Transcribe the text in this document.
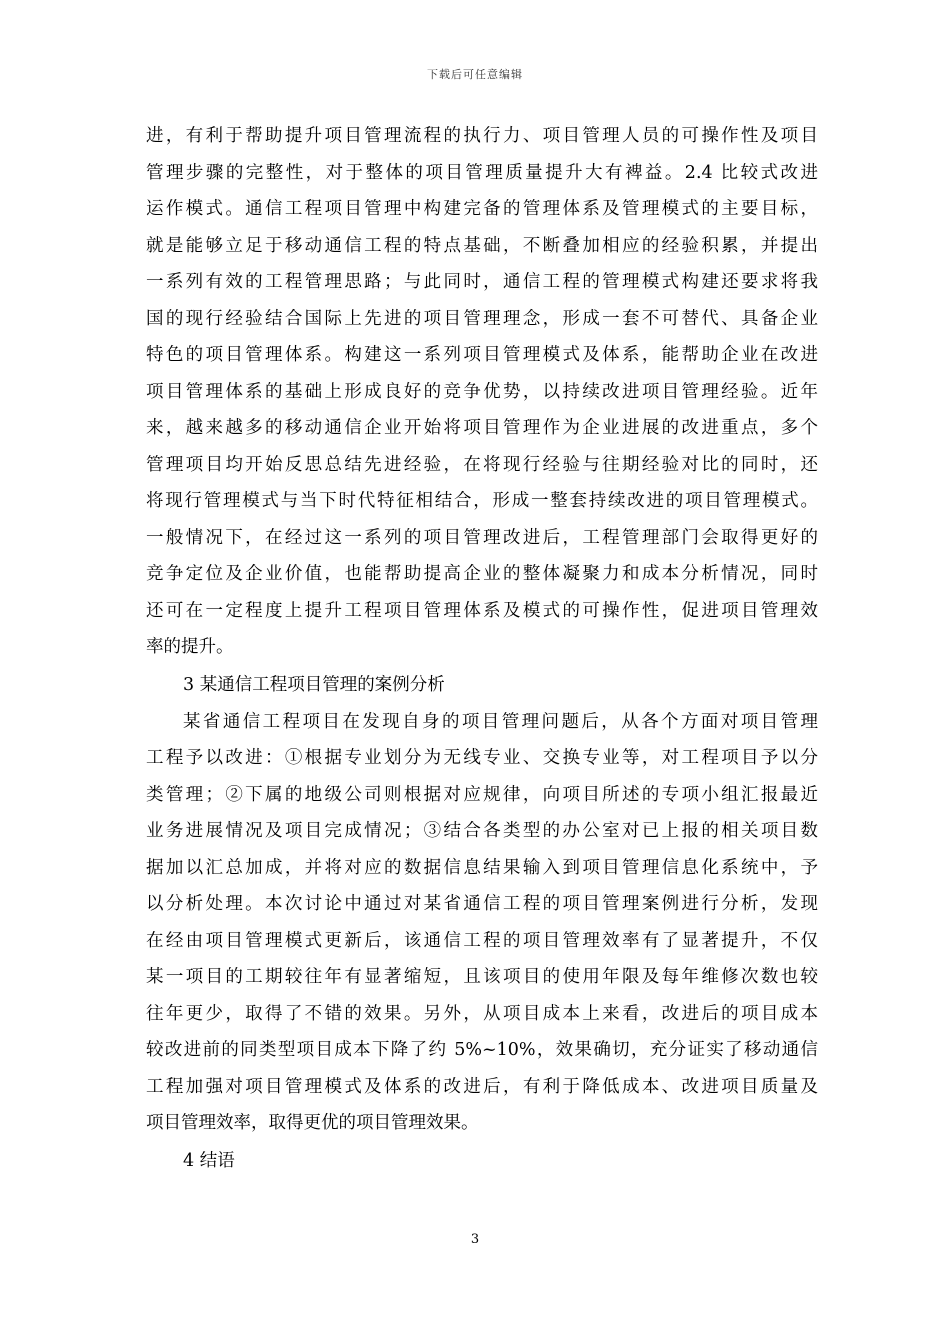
下载后可任意编辑
进，有利于帮助提升项目管理流程的执行力、项目管理人员的可操作性及项目
管理步骤的完整性，对于整体的项目管理质量提升大有裨益。2.4 比较式改进
运作模式。通信工程项目管理中构建完备的管理体系及管理模式的主要目标，
就是能够立足于移动通信工程的特点基础，不断叠加相应的经验积累，并提出
一系列有效的工程管理思路；与此同时，通信工程的管理模式构建还要求将我
国的现行经验结合国际上先进的项目管理理念，形成一套不可替代、具备企业
特色的项目管理体系。构建这一系列项目管理模式及体系，能帮助企业在改进
项目管理体系的基础上形成良好的竞争优势，以持续改进项目管理经验。近年
来，越来越多的移动通信企业开始将项目管理作为企业进展的改进重点，多个
管理项目均开始反思总结先进经验，在将现行经验与往期经验对比的同时，还
将现行管理模式与当下时代特征相结合，形成一整套持续改进的项目管理模式。
一般情况下，在经过这一系列的项目管理改进后，工程管理部门会取得更好的
竞争定位及企业价值，也能帮助提高企业的整体凝聚力和成本分析情况，同时
还可在一定程度上提升工程项目管理体系及模式的可操作性，促进项目管理效
率的提升。
3 某通信工程项目管理的案例分析
某省通信工程项目在发现自身的项目管理问题后，从各个方面对项目管理
工程予以改进：①根据专业划分为无线专业、交换专业等，对工程项目予以分
类管理；②下属的地级公司则根据对应规律，向项目所述的专项小组汇报最近
业务进展情况及项目完成情况；③结合各类型的办公室对已上报的相关项目数
据加以汇总加成，并将对应的数据信息结果输入到项目管理信息化系统中，予
以分析处理。本次讨论中通过对某省通信工程的项目管理案例进行分析，发现
在经由项目管理模式更新后，该通信工程的项目管理效率有了显著提升，不仅
某一项目的工期较往年有显著缩短，且该项目的使用年限及每年维修次数也较
往年更少，取得了不错的效果。另外，从项目成本上来看，改进后的项目成本
较改进前的同类型项目成本下降了约 5%~10%，效果确切，充分证实了移动通信
工程加强对项目管理模式及体系的改进后，有利于降低成本、改进项目质量及
项目管理效率，取得更优的项目管理效果。
4 结语
3
